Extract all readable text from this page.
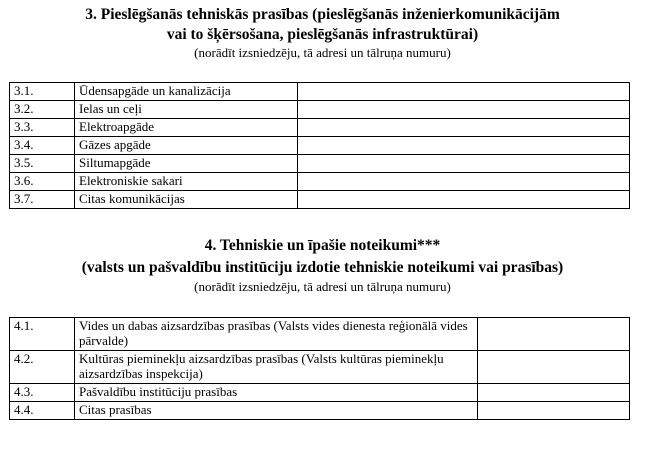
3. Pieslēgšanās tehniskās prasības (pieslēgšanās inženierkomunikācijām
vai to šķērsošana, pieslēgšanās infrastruktūrai)
(norādīt izsniedzēju, tā adresi un tālruņa numuru)
3.1.	Ūdensapgāde un kanalizācija	
3.2.	Ielas un ceļi	
3.3.	Elektroapgāde	
3.4.	Gāzes apgāde	
3.5.	Siltumapgāde	
3.6.	Elektroniskie sakari	
3.7.	Citas komunikācijas	
4. Tehniskie un īpašie noteikumi***
(valsts un pašvaldību institūciju izdotie tehniskie noteikumi vai prasības)
(norādīt izsniedzēju, tā adresi un tālruņa numuru)
4.1.	Vides un dabas aizsardzības prasības (Valsts vides dienesta reģionālā vides pārvalde)	
4.2.	Kultūras pieminekļu aizsardzības prasības (Valsts kultūras pieminekļu aizsardzības inspekcija)	
4.3.	Pašvaldību institūciju prasības	
4.4.	Citas prasības	
